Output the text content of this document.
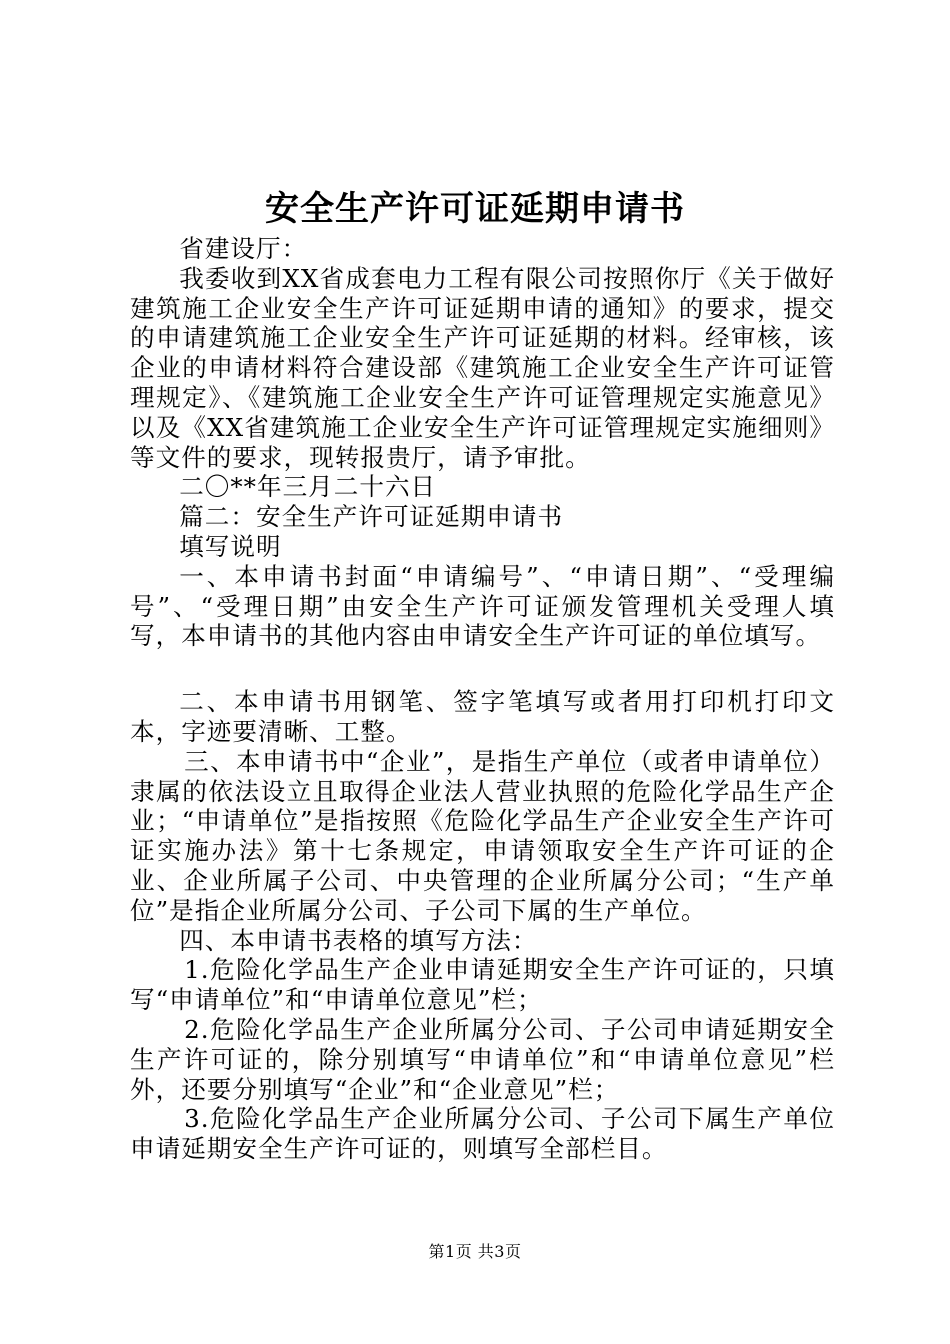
安全生产许可证延期申请书

省建设厅：

我委收到XX省成套电力工程有限公司按照你厅《关于做好建筑施工企业安全生产许可证延期申请的通知》的要求，提交的申请建筑施工企业安全生产许可证延期的材料。经审核，该企业的申请材料符合建设部《建筑施工企业安全生产许可证管理规定》、《建筑施工企业安全生产许可证管理规定实施意见》以及《XX省建筑施工企业安全生产许可证管理规定实施细则》等文件的要求，现转报贵厅，请予审批。

二〇**年三月二十六日

篇二：安全生产许可证延期申请书

填写说明

一、本申请书封面“申请编号”、“申请日期”、“受理编号”、“受理日期”由安全生产许可证颁发管理机关受理人填写，本申请书的其他内容由申请安全生产许可证的单位填写。

二、本申请书用钢笔、签字笔填写或者用打印机打印文本，字迹要清晰、工整。

三、本申请书中“企业”，是指生产单位（或者申请单位）隶属的依法设立且取得企业法人营业执照的危险化学品生产企业；“申请单位”是指按照《危险化学品生产企业安全生产许可证实施办法》第十七条规定，申请领取安全生产许可证的企业、企业所属子公司、中央管理的企业所属分公司；“生产单位”是指企业所属分公司、子公司下属的生产单位。

四、本申请书表格的填写方法：

1.危险化学品生产企业申请延期安全生产许可证的，只填写“申请单位”和“申请单位意见”栏；

2.危险化学品生产企业所属分公司、子公司申请延期安全生产许可证的，除分别填写“申请单位”和“申请单位意见”栏外，还要分别填写“企业”和“企业意见”栏；

3.危险化学品生产企业所属分公司、子公司下属生产单位申请延期安全生产许可证的，则填写全部栏目。

第1页 共3页
